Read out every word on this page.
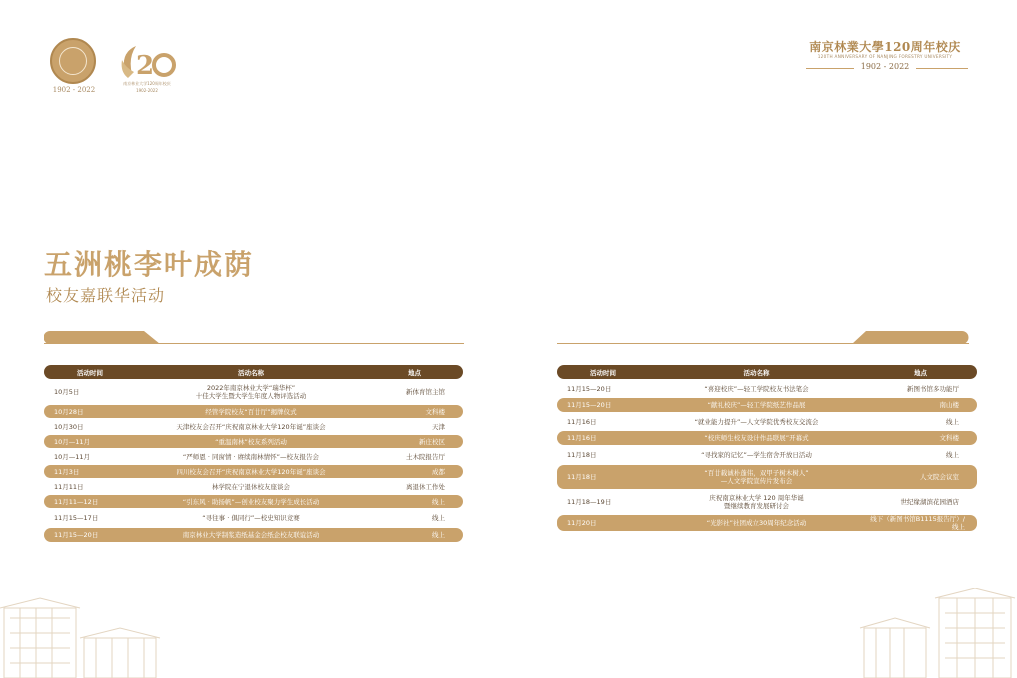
1902 - 2022
2
南京林业大学120周年校庆
1902-2022
南京林業大學120周年校庆
120TH ANNIVERSARY OF NANJING FORESTRY UNIVERSITY
1902 - 2022
五洲桃李叶成荫
校友嘉联华活动
活动时间	活动名称	地点
10月5日	2022年南京林业大学“瑞华杯”
十佳大学生暨大学生年度人物评选活动	新体育馆主馆
10月28日	经管学院校友“百廿厅”揭牌仪式	文科楼
10月30日	天津校友会召开“庆祝南京林业大学120年诞”座谈会	天津
10月—11月	“重温南林”校友系列活动	新庄校区
10月—11月	“严师恩 · 同窗情 · 赓续南林情怀”—校友报告会	土木院报告厅
11月3日	四川校友会召开“庆祝南京林业大学120年诞”座谈会	成都
11月11日	林学院在宁退休校友座谈会	离退休工作处
11月11—12日	“引东风 · 助扬帆”—创业校友聚力学生成长活动	线上
11月15—17日	“寻往事 · 俱同行”—校史知识竞赛	线上
11月15—20日	南京林业大学制浆造纸基金会纸企校友联谊活动	线上
活动时间	活动名称	地点
11月15—20日	“喜迎校庆”—轻工学院校友书法笔会	新图书馆多功能厅
11月15—20日	“献礼校庆”—轻工学院纸艺作品展	南山楼
11月16日	“就业能力提升”—人文学院优秀校友交流会	线上
11月16日	“校庆师生校友设计作品联展”开幕式	文科楼
11月18日	“寻找家的记忆”—学生宿舍开放日活动	线上
11月18日	“百廿载诚朴蓬伟，双甲子树木树人”
—人文学院宣传片发布会	人文院会议室
11月18—19日	庆祝南京林业大学 120 周年华诞
暨继续教育发展研讨会	世纪缘湖滨花园酒店
11月20日	“光影社”社团成立30周年纪念活动	线下（新图书馆B1115报告厅）/线上
